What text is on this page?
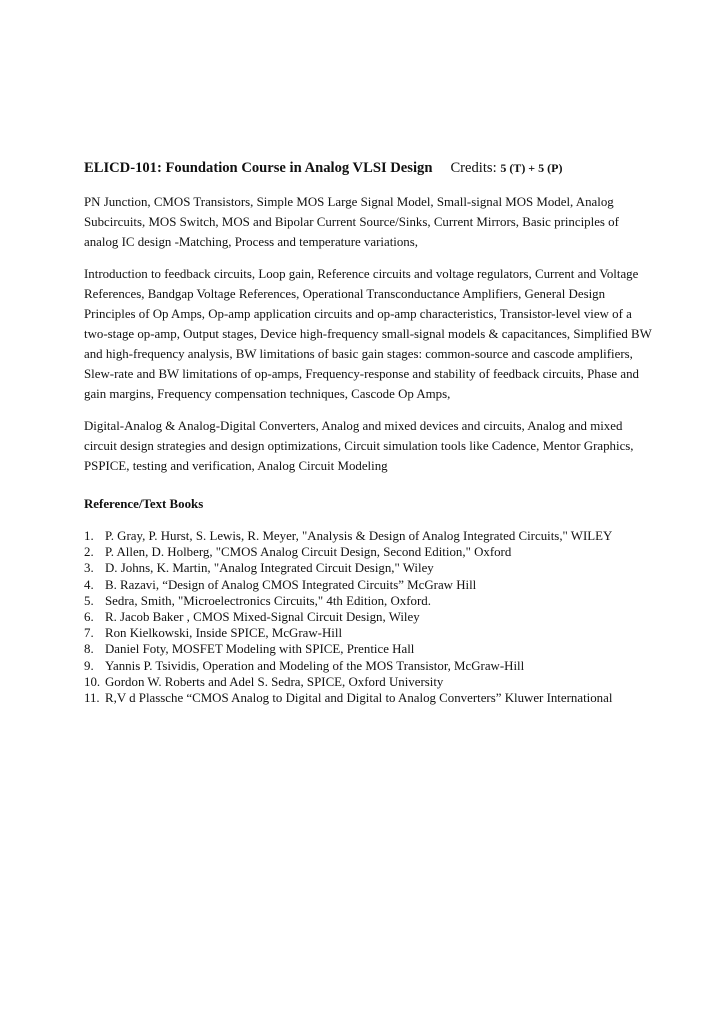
ELICD-101: Foundation Course in Analog VLSI Design Credits: 5 (T) + 5 (P)

PN Junction, CMOS Transistors, Simple MOS Large Signal Model, Small-signal MOS Model, Analog Subcircuits, MOS Switch, MOS and Bipolar Current Source/Sinks, Current Mirrors, Basic principles of analog IC design -Matching, Process and temperature variations,

Introduction to feedback circuits, Loop gain, Reference circuits and voltage regulators, Current and Voltage References, Bandgap Voltage References, Operational Transconductance Amplifiers, General Design Principles of Op Amps, Op-amp application circuits and op-amp characteristics, Transistor-level view of a two-stage op-amp, Output stages, Device high-frequency small-signal models & capacitances, Simplified BW and high-frequency analysis, BW limitations of basic gain stages: common-source and cascode amplifiers, Slew-rate and BW limitations of op-amps, Frequency-response and stability of feedback circuits, Phase and gain margins, Frequency compensation techniques, Cascode Op Amps,

Digital-Analog & Analog-Digital Converters, Analog and mixed devices and circuits, Analog and mixed circuit design strategies and design optimizations, Circuit simulation tools like Cadence, Mentor Graphics, PSPICE, testing and verification, Analog Circuit Modeling

Reference/Text Books
1. P. Gray, P. Hurst, S. Lewis, R. Meyer, "Analysis & Design of Analog Integrated Circuits," WILEY
2. P. Allen, D. Holberg, "CMOS Analog Circuit Design, Second Edition," Oxford
3. D. Johns, K. Martin, "Analog Integrated Circuit Design," Wiley
4. B. Razavi, “Design of Analog CMOS Integrated Circuits” McGraw Hill
5. Sedra, Smith, "Microelectronics Circuits," 4th Edition, Oxford.
6. R. Jacob Baker , CMOS Mixed-Signal Circuit Design, Wiley
7. Ron Kielkowski, Inside SPICE, McGraw-Hill
8. Daniel Foty, MOSFET Modeling with SPICE, Prentice Hall
9. Yannis P. Tsividis, Operation and Modeling of the MOS Transistor, McGraw-Hill
10. Gordon W. Roberts and Adel S. Sedra, SPICE, Oxford University
11. R,V d Plassche “CMOS Analog to Digital and Digital to Analog Converters” Kluwer International
